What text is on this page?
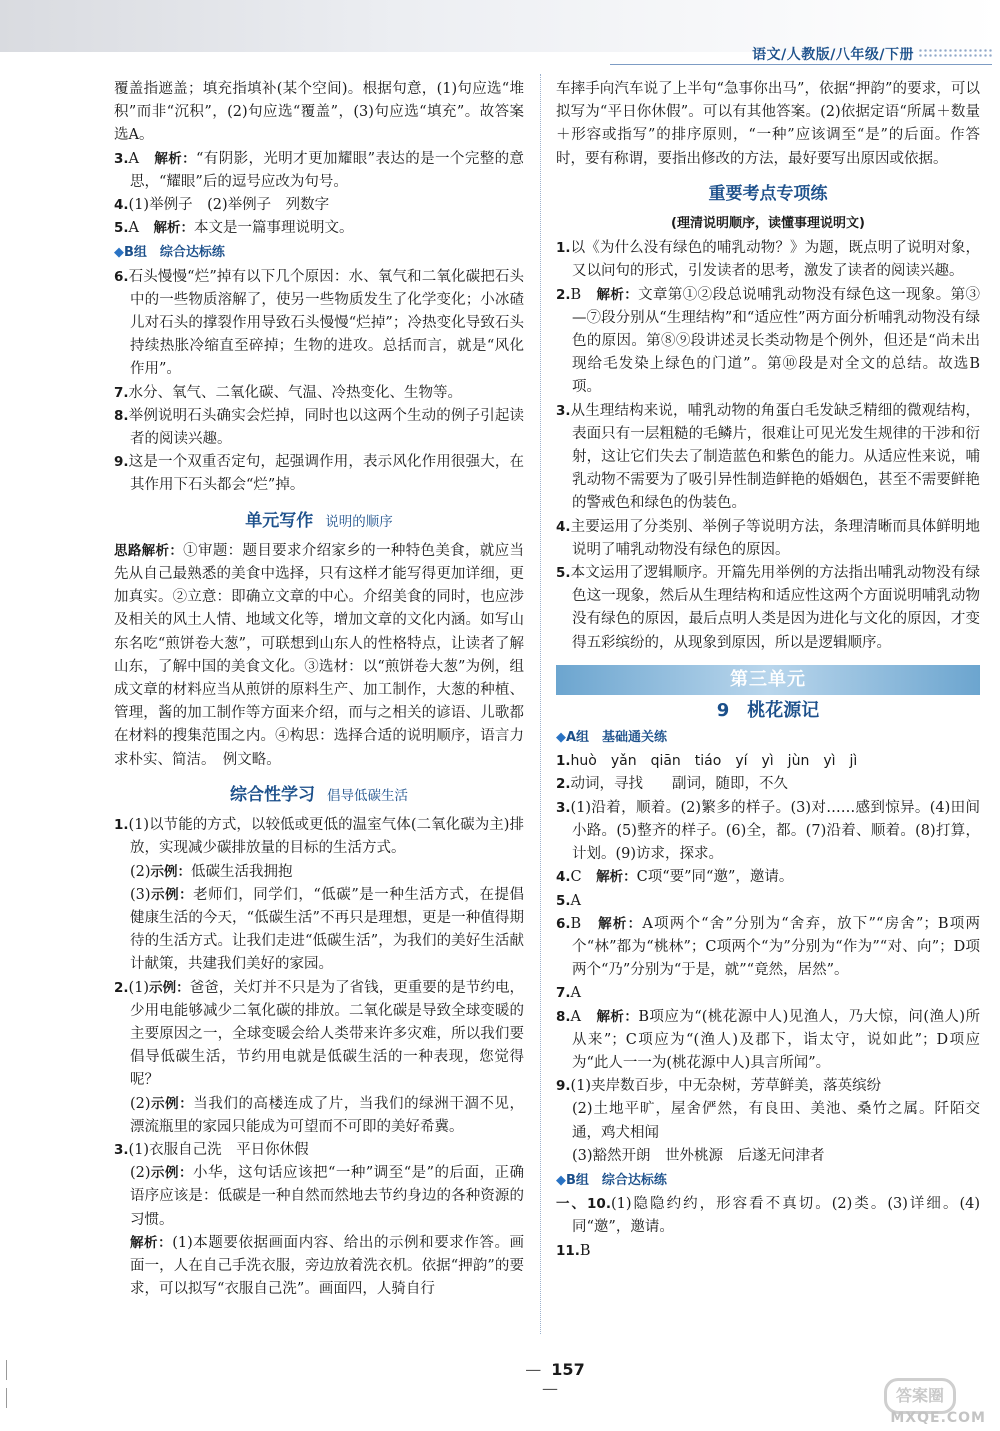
语文/人教版/八年级/下册

覆盖指遮盖；填充指填补(某个空间)。根据句意，(1)句应选“堆积”而非“沉积”，(2)句应选“覆盖”，(3)句应选“填充”。故答案选A。

3.A　 解析：“有阴影，光明才更加耀眼”表达的是一个完整的意思，“耀眼”后的逗号应改为句号。

4.(1)举例子　(2)举例子　列数字

5.A　 解析：本文是一篇事理说明文。

◆B组　综合达标练

6.石头慢慢“烂”掉有以下几个原因：水、氧气和二氧化碳把石头中的一些物质溶解了，使另一些物质发生了化学变化；小冰碴儿对石头的撑裂作用导致石头慢慢“烂掉”；冷热变化导致石头持续热胀冷缩直至碎掉；生物的进攻。总括而言，就是“风化作用”。

7.水分、氧气、二氧化碳、气温、冷热变化、生物等。

8.举例说明石头确实会烂掉，同时也以这两个生动的例子引起读者的阅读兴趣。

9.这是一个双重否定句，起强调作用，表示风化作用很强大，在其作用下石头都会“烂”掉。

单元写作 说明的顺序

思路解析：①审题：题目要求介绍家乡的一种特色美食，就应当先从自己最熟悉的美食中选择，只有这样才能写得更加详细，更加真实。②立意：即确立文章的中心。介绍美食的同时，也应涉及相关的风土人情、地域文化等，增加文章的文化内涵。如写山东名吃“煎饼卷大葱”，可联想到山东人的性格特点，让读者了解山东，了解中国的美食文化。③选材：以“煎饼卷大葱”为例，组成文章的材料应当从煎饼的原料生产、加工制作，大葱的种植、管理，酱的加工制作等方面来介绍，而与之相关的谚语、儿歌都在材料的搜集范围之内。④构思：选择合适的说明顺序，语言力求朴实、简洁。　例文略。

综合性学习 倡导低碳生活

1.(1)以节能的方式，以较低或更低的温室气体(二氧化碳为主)排放，实现减少碳排放量的目标的生活方式。

(2)示例：低碳生活我拥抱

(3)示例：老师们，同学们，“低碳”是一种生活方式，在提倡健康生活的今天，“低碳生活”不再只是理想，更是一种值得期待的生活方式。让我们走进“低碳生活”，为我们的美好生活献计献策，共建我们美好的家园。

2.(1)示例：爸爸，关灯并不只是为了省钱，更重要的是节约电，少用电能够减少二氧化碳的排放。二氧化碳是导致全球变暖的主要原因之一，全球变暖会给人类带来许多灾难，所以我们要倡导低碳生活，节约用电就是低碳生活的一种表现，您觉得呢？

(2)示例：当我们的高楼连成了片，当我们的绿洲干涸不见，漂流瓶里的家园只能成为可望而不可即的美好希冀。

3.(1)衣服自己洗　平日你休假

(2)示例：小华，这句话应该把“一种”调至“是”的后面，正确语序应该是：低碳是一种自然而然地去节约身边的各种资源的习惯。

解析：(1)本题要依据画面内容、给出的示例和要求作答。画面一，人在自己手洗衣服，旁边放着洗衣机。依据“押韵”的要求，可以拟写“衣服自己洗”。画面四，人骑自行

车摔手向汽车说了上半句“急事你出马”，依据“押韵”的要求，可以拟写为“平日你休假”。可以有其他答案。(2)依据定语“所属＋数量＋形容或指写”的排序原则，“一种”应该调至“是”的后面。作答时，要有称谓，要指出修改的方法，最好要写出原因或依据。

重要考点专项练
(理清说明顺序，读懂事理说明文)

1.以《为什么没有绿色的哺乳动物？》为题，既点明了说明对象，又以问句的形式，引发读者的思考，激发了读者的阅读兴趣。

2.B　 解析：文章第①②段总说哺乳动物没有绿色这一现象。第③—⑦段分别从“生理结构”和“适应性”两方面分析哺乳动物没有绿色的原因。第⑧⑨段讲述灵长类动物是个例外，但还是“尚未出现给毛发染上绿色的门道”。第⑩段是对全文的总结。故选B项。

3.从生理结构来说，哺乳动物的角蛋白毛发缺乏精细的微观结构，表面只有一层粗糙的毛鳞片，很难让可见光发生规律的干涉和衍射，这让它们失去了制造蓝色和紫色的能力。从适应性来说，哺乳动物不需要为了吸引异性制造鲜艳的婚姻色，甚至不需要鲜艳的警戒色和绿色的伪装色。

4.主要运用了分类别、举例子等说明方法，条理清晰而具体鲜明地说明了哺乳动物没有绿色的原因。

5.本文运用了逻辑顺序。开篇先用举例的方法指出哺乳动物没有绿色这一现象，然后从生理结构和适应性这两个方面说明哺乳动物没有绿色的原因，最后点明人类是因为进化与文化的原因，才变得五彩缤纷的，从现象到原因，所以是逻辑顺序。

第三单元
9 桃花源记
◆A组　基础通关练

1.huò　yǎn　qiān　tiáo　yí　yì　jùn　yì　jì

2.动词，寻找　　副词，随即，不久

3.(1)沿着，顺着。(2)繁多的样子。(3)对……感到惊异。(4)田间小路。(5)整齐的样子。(6)全，都。(7)沿着、顺着。(8)打算，计划。(9)访求，探求。

4.C　 解析：C项“要”同“邀”，邀请。

5.A

6.B　 解析：A项两个“舍”分别为“舍弃，放下”“房舍”；B项两个“林”都为“桃林”；C项两个“为”分别为“作为”“对、向”；D项两个“乃”分别为“于是，就”“竟然，居然”。

7.A

8.A　 解析：B项应为“(桃花源中人)见渔人，乃大惊，问(渔人)所从来”；C项应为“(渔人)及郡下，诣太守，说如此”；D项应为“此人一一为(桃花源中人)具言所闻”。

9.(1)夹岸数百步，中无杂树，芳草鲜美，落英缤纷

(2)土地平旷，屋舍俨然，有良田、美池、桑竹之属。阡陌交通，鸡犬相闻

(3)豁然开朗　世外桃源　后遂无问津者

◆B组　综合达标练

一、10.(1)隐隐约约，形容看不真切。(2)类。(3)详细。(4)同“邀”，邀请。

11.B

— 157—	答案圈
MXQE.COM
